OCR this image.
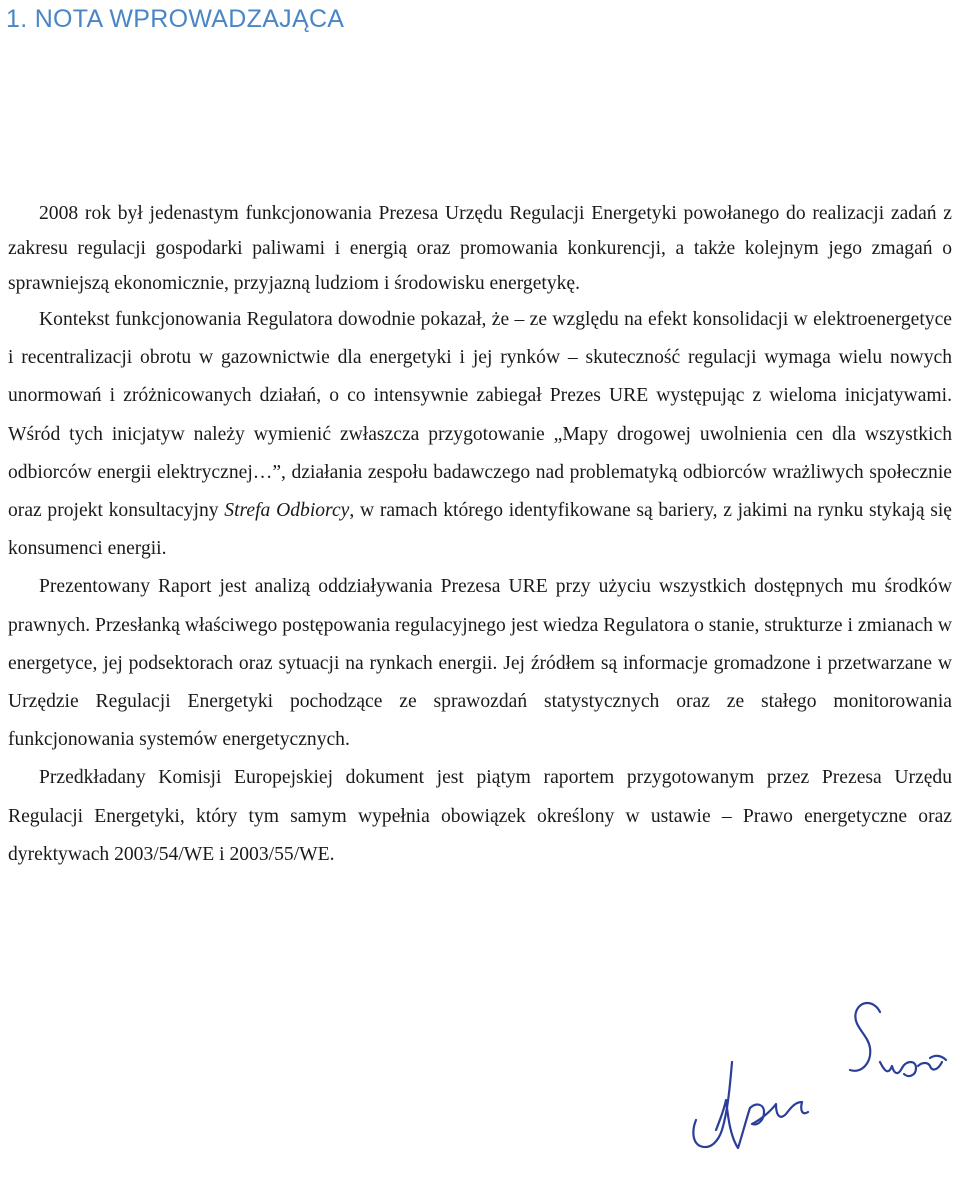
1. NOTA WPROWADZAJĄCA

2008 rok był jedenastym funkcjonowania Prezesa Urzędu Regulacji Energetyki powołanego do realizacji zadań z zakresu regulacji gospodarki paliwami i energią oraz promowania konkurencji, a także kolejnym jego zmagań o sprawniejszą ekonomicznie, przyjazną ludziom i środowisku energetykę.

Kontekst funkcjonowania Regulatora dowodnie pokazał, że – ze względu na efekt konsolidacji w elektroenergetyce i recentralizacji obrotu w gazownictwie dla energetyki i jej rynków – skuteczność regulacji wymaga wielu nowych unormowań i zróżnicowanych działań, o co intensywnie zabiegał Prezes URE występując z wieloma inicjatywami. Wśród tych inicjatyw należy wymienić zwłaszcza przygotowanie „Mapy drogowej uwolnienia cen dla wszystkich odbiorców energii elektrycznej…”, działania zespołu badawczego nad problematyką odbiorców wrażliwych społecznie oraz projekt konsultacyjny Strefa Odbiorcy, w ramach którego identyfikowane są bariery, z jakimi na rynku stykają się konsumenci energii.

Prezentowany Raport jest analizą oddziaływania Prezesa URE przy użyciu wszystkich dostępnych mu środków prawnych. Przesłanką właściwego postępowania regulacyjnego jest wiedza Regulatora o stanie, strukturze i zmianach w energetyce, jej podsektorach oraz sytuacji na rynkach energii. Jej źródłem są informacje gromadzone i przetwarzane w Urzędzie Regulacji Energetyki pochodzące ze sprawozdań statystycznych oraz ze stałego monitorowania funkcjonowania systemów energetycznych.

Przedkładany Komisji Europejskiej dokument jest piątym raportem przygotowanym przez Prezesa Urzędu Regulacji Energetyki, który tym samym wypełnia obowiązek określony w ustawie – Prawo energetyczne oraz dyrektywach 2003/54/WE i 2003/55/WE.
